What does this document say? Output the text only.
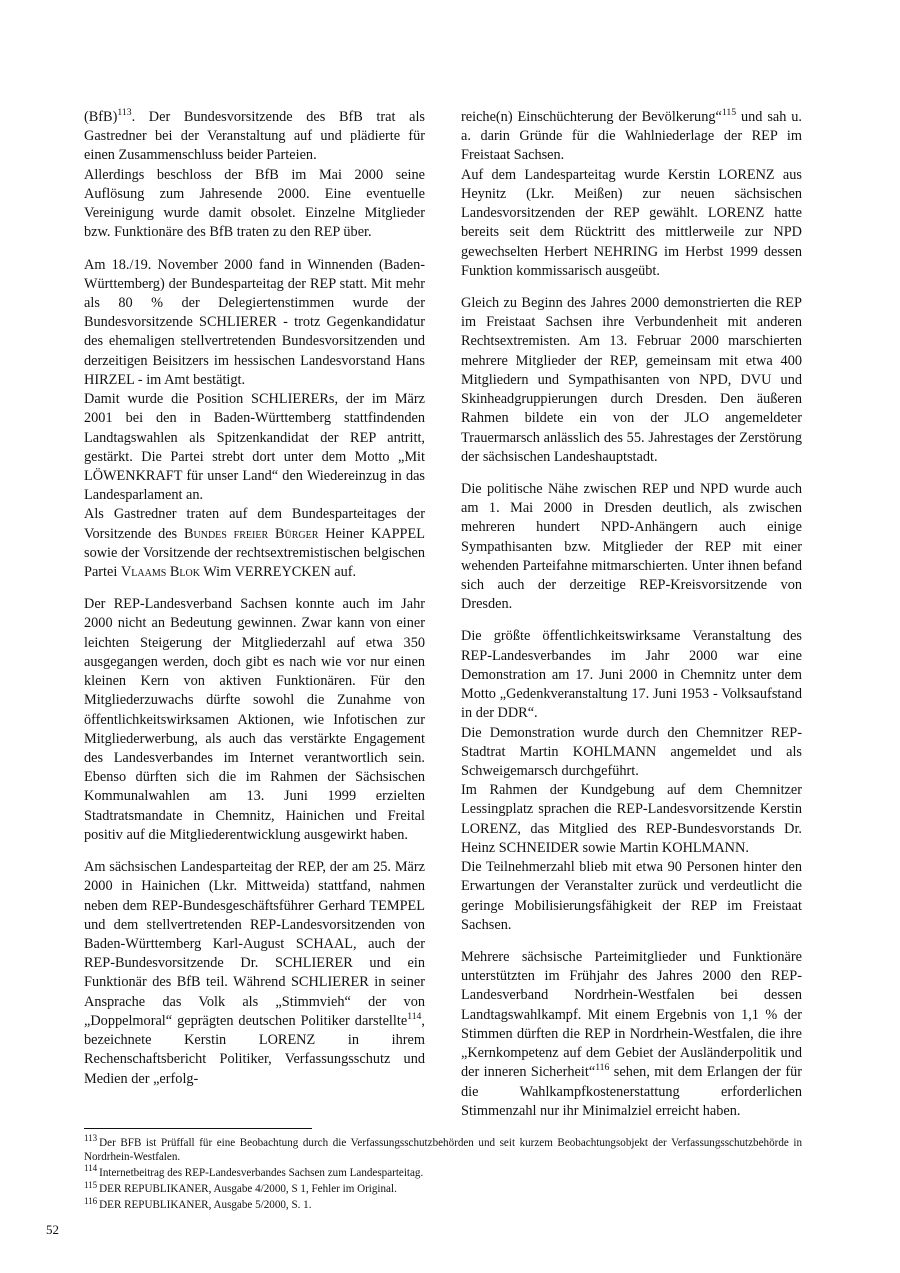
(BfB)$^{113}$. Der Bundesvorsitzende des BfB trat als Gastredner bei der Veranstaltung auf und plädierte für einen Zusammenschluss beider Parteien.

Allerdings beschloss der BfB im Mai 2000 seine Auflösung zum Jahresende 2000. Eine eventuelle Vereinigung wurde damit obsolet. Einzelne Mitglieder bzw. Funktionäre des BfB traten zu den REP über.

Am 18./19. November 2000 fand in Winnenden (Baden-Württemberg) der Bundesparteitag der REP statt. Mit mehr als 80 % der Delegiertenstimmen wurde der Bundesvorsitzende SCHLIERER - trotz Gegenkandidatur des ehemaligen stellvertretenden Bundesvorsitzenden und derzeitigen Beisitzers im hessischen Landesvorstand Hans HIRZEL - im Amt bestätigt.

Damit wurde die Position SCHLIERERs, der im März 2001 bei den in Baden-Württemberg stattfindenden Landtagswahlen als Spitzenkandidat der REP antritt, gestärkt. Die Partei strebt dort unter dem Motto „Mit LÖWENKRAFT für unser Land“ den Wiedereinzug in das Landesparlament an.

Als Gastredner traten auf dem Bundesparteitages der Vorsitzende des Bundes freier Bürger Heiner KAPPEL sowie der Vorsitzende der rechtsextremistischen belgischen Partei Vlaams Blok Wim VERREYCKEN auf.

Der REP-Landesverband Sachsen konnte auch im Jahr 2000 nicht an Bedeutung gewinnen. Zwar kann von einer leichten Steigerung der Mitgliederzahl auf etwa 350 ausgegangen werden, doch gibt es nach wie vor nur einen kleinen Kern von aktiven Funktionären. Für den Mitgliederzuwachs dürfte sowohl die Zunahme von öffentlichkeitswirksamen Aktionen, wie Infotischen zur Mitgliederwerbung, als auch das verstärkte Engagement des Landesverbandes im Internet verantwortlich sein. Ebenso dürften sich die im Rahmen der Sächsischen Kommunalwahlen am 13. Juni 1999 erzielten Stadtratsmandate in Chemnitz, Hainichen und Freital positiv auf die Mitgliederentwicklung ausgewirkt haben.

Am sächsischen Landesparteitag der REP, der am 25. März 2000 in Hainichen (Lkr. Mittweida) stattfand, nahmen neben dem REP-Bundesgeschäftsführer Gerhard TEMPEL und dem stellvertretenden REP-Landesvorsitzenden von Baden-Württemberg Karl-August SCHAAL, auch der REP-Bundesvorsitzende Dr. SCHLIERER und ein Funktionär des BfB teil. Während SCHLIERER in seiner Ansprache das Volk als „Stimmvieh“ der von „Doppelmoral“ geprägten deutschen Politiker darstellte$^{114}$, bezeichnete Kerstin LORENZ in ihrem Rechenschaftsbericht Politiker, Verfassungsschutz und Medien der „erfolg-

reiche(n) Einschüchterung der Bevölkerung“$^{115}$ und sah u. a. darin Gründe für die Wahlniederlage der REP im Freistaat Sachsen.

Auf dem Landesparteitag wurde Kerstin LORENZ aus Heynitz (Lkr. Meißen) zur neuen sächsischen Landesvorsitzenden der REP gewählt. LORENZ hatte bereits seit dem Rücktritt des mittlerweile zur NPD gewechselten Herbert NEHRING im Herbst 1999 dessen Funktion kommissarisch ausgeübt.

Gleich zu Beginn des Jahres 2000 demonstrierten die REP im Freistaat Sachsen ihre Verbundenheit mit anderen Rechtsextremisten. Am 13. Februar 2000 marschierten mehrere Mitglieder der REP, gemeinsam mit etwa 400 Mitgliedern und Sympathisanten von NPD, DVU und Skinheadgruppierungen durch Dresden. Den äußeren Rahmen bildete ein von der JLO angemeldeter Trauermarsch anlässlich des 55. Jahrestages der Zerstörung der sächsischen Landeshauptstadt.

Die politische Nähe zwischen REP und NPD wurde auch am 1. Mai 2000 in Dresden deutlich, als zwischen mehreren hundert NPD-Anhängern auch einige Sympathisanten bzw. Mitglieder der REP mit einer wehenden Parteifahne mitmarschierten. Unter ihnen befand sich auch der derzeitige REP-Kreisvorsitzende von Dresden.

Die größte öffentlichkeitswirksame Veranstaltung des REP-Landesverbandes im Jahr 2000 war eine Demonstration am 17. Juni 2000 in Chemnitz unter dem Motto „Gedenkveranstaltung 17. Juni 1953 - Volksaufstand in der DDR“.

Die Demonstration wurde durch den Chemnitzer REP-Stadtrat Martin KOHLMANN angemeldet und als Schweigemarsch durchgeführt.

Im Rahmen der Kundgebung auf dem Chemnitzer Lessingplatz sprachen die REP-Landesvorsitzende Kerstin LORENZ, das Mitglied des REP-Bundesvorstands Dr. Heinz SCHNEIDER sowie Martin KOHLMANN.

Die Teilnehmerzahl blieb mit etwa 90 Personen hinter den Erwartungen der Veranstalter zurück und verdeutlicht die geringe Mobilisierungsfähigkeit der REP im Freistaat Sachsen.

Mehrere sächsische Parteimitglieder und Funktionäre unterstützten im Frühjahr des Jahres 2000 den REP-Landesverband Nordrhein-Westfalen bei dessen Landtagswahlkampf. Mit einem Ergebnis von 1,1 % der Stimmen dürften die REP in Nordrhein-Westfalen, die ihre „Kernkompetenz auf dem Gebiet der Ausländerpolitik und der inneren Sicherheit“$^{116}$ sehen, mit dem Erlangen der für die Wahlkampfkostenerstattung erforderlichen Stimmenzahl nur ihr Minimalziel erreicht haben.

$^{113}$ Der BFB ist Prüffall für eine Beobachtung durch die Verfassungsschutzbehörden und seit kurzem Beobachtungsobjekt der Verfassungsschutzbehörde in Nordrhein-Westfalen.

$^{114}$ Internetbeitrag des REP-Landesverbandes Sachsen zum Landesparteitag.

$^{115}$ DER REPUBLIKANER, Ausgabe 4/2000, S 1, Fehler im Original.

$^{116}$ DER REPUBLIKANER, Ausgabe 5/2000, S. 1.

52
